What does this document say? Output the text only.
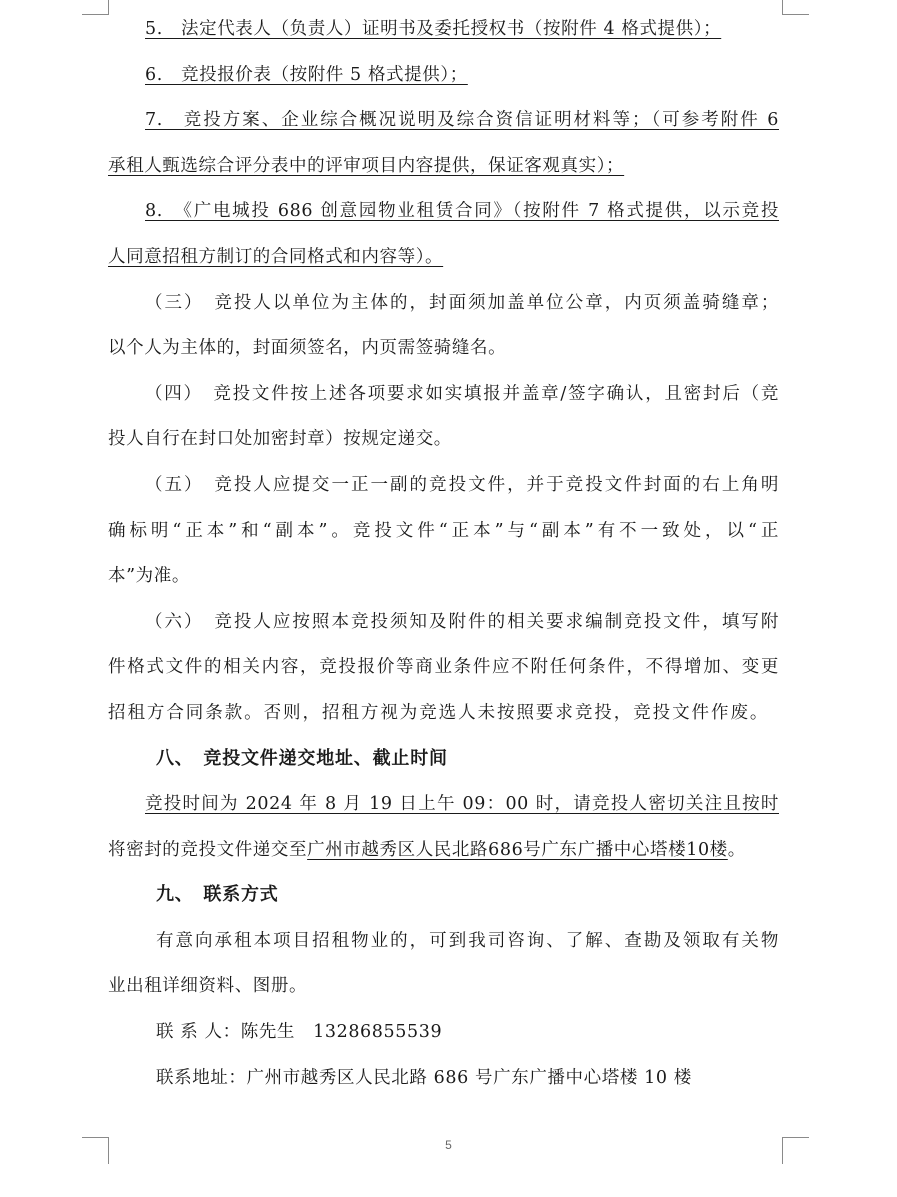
5.　法定代表人（负责人）证明书及委托授权书（按附件 4 格式提供）；
6.　竞投报价表（按附件 5 格式提供）；
7.　竞投方案、企业综合概况说明及综合资信证明材料等；（可参考附件 6
承租人甄选综合评分表中的评审项目内容提供，保证客观真实）；
8.　《广电城投 686 创意园物业租赁合同》（按附件 7 格式提供，以示竞投
人同意招租方制订的合同格式和内容等）。
（三）　竞投人以单位为主体的，封面须加盖单位公章，内页须盖骑缝章；
以个人为主体的，封面须签名，内页需签骑缝名。
（四）　竞投文件按上述各项要求如实填报并盖章/签字确认，且密封后（竞
投人自行在封口处加密封章）按规定递交。
（五）　竞投人应提交一正一副的竞投文件，并于竞投文件封面的右上角明
确标明“正本”和“副本”。竞投文件“正本”与“副本”有不一致处，以“正
本”为准。
（六）　竞投人应按照本竞投须知及附件的相关要求编制竞投文件，填写附
件格式文件的相关内容，竞投报价等商业条件应不附任何条件，不得增加、变更
招租方合同条款。否则，招租方视为竞选人未按照要求竞投，竞投文件作废。
八、　竞投文件递交地址、截止时间
竞投时间为 2024 年 8 月 19 日上午 09：00 时，请竞投人密切关注且按时
将密封的竞投文件递交至广州市越秀区人民北路686号广东广播中心塔楼10楼。
九、　联系方式
有意向承租本项目招租物业的，可到我司咨询、了解、查勘及领取有关物
业出租详细资料、图册。
联 系 人：陈先生　13286855539
联系地址：广州市越秀区人民北路 686 号广东广播中心塔楼 10 楼
5
